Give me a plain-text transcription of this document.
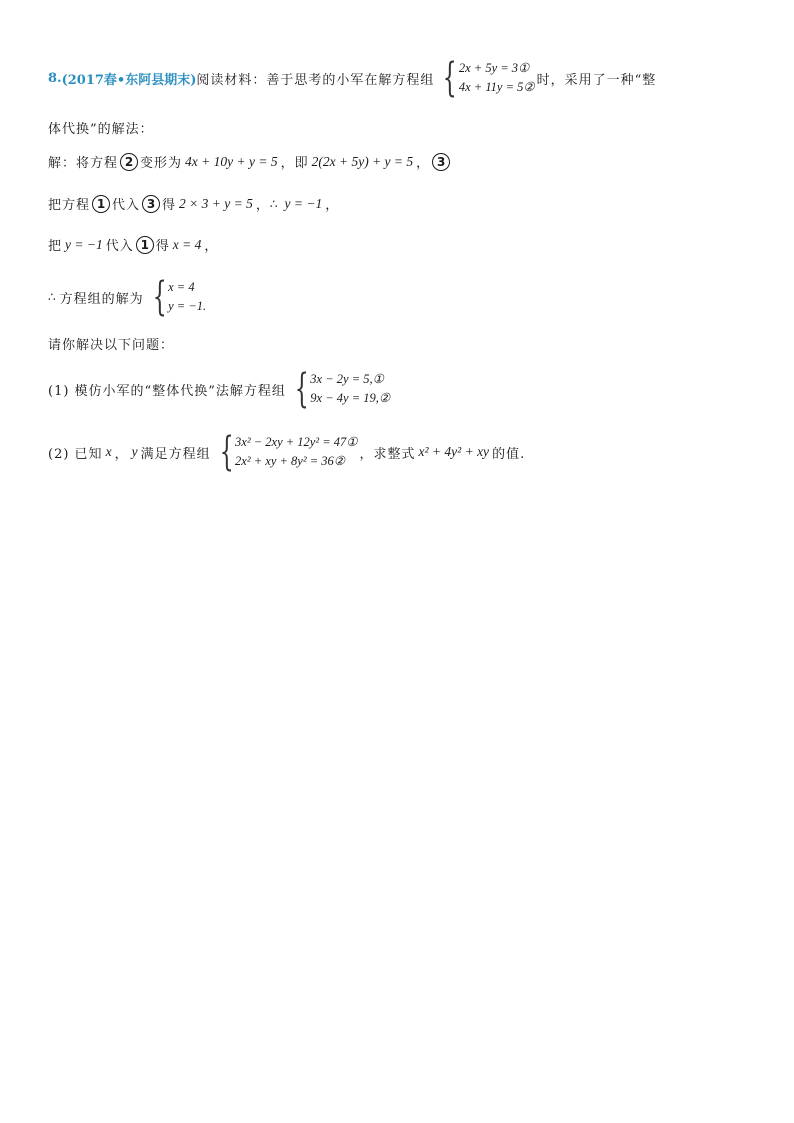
8. (2017春•东阿县期末) 阅读材料：善于思考的小军在解方程组 { 2x + 5y = 3①
4x + 11y = 5② 时，采用了一种“整
体代换”的解法：
解：将方程 2 变形为 4x + 10y + y = 5 ，即 2(2x + 5y) + y = 5 ， 3
把方程 1 代入 3 得 2 × 3 + y = 5 ， ∴ y = −1 ，
把 y = −1 代入 1 得 x = 4 ，
∴ 方程组的解为 { x = 4
y = −1.
请你解决以下问题：
(1) 模仿小军的“整体代换”法解方程组 { 3x − 2y = 5,①
9x − 4y = 19,②
(2) 已知 x ， y 满足方程组 { 3x² − 2xy + 12y² = 47①
2x² + xy + 8y² = 36②	，求整式 x² + 4y² + xy 的值.
